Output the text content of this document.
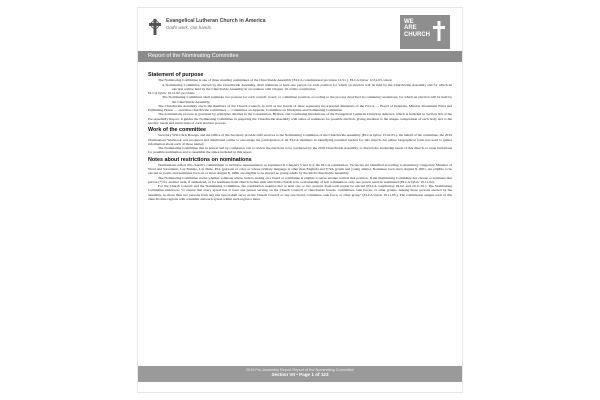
Evangelical Lutheran Church in America
God's work. Our hands.
WE
ARE
CHURCH
Report of the Nominating Committee
Statement of purpose

The Nominating Committee is one of three standing committees of the Churchwide Assembly (ELCA constitutional provision 12.51.). ELCA bylaw 12.51.03. states:

A Nominating Committee, elected by the Churchwide Assembly, shall nominate at least one person for each position for which an election will be held by the Churchwide Assembly and for which an election will be held by the Churchwide Assembly in accordance with Chapter 19 of this constitution.

ELCA bylaw 19.11.02. provides:

The Nominating Committee shall nominate two persons for each council, board, or committee position, according to the process described in continuing resolutions, for which an election will be held by the Churchwide Assembly.

The Churchwide Assembly elects the members of the Church Council, as well as the boards of three separately incorporated ministries of the ELCA — Board of Pensions, Mission Investment Fund and Publishing House — and three churchwide committees — Committee on Appeals, Committee on Discipline and Nominating Committee.

The nominations process is governed by principles detailed in the Constitution, Bylaws, and Continuing Resolutions of the Evangelical Lutheran Church in America, which is included in Section XII of the Pre-Assembly Report. It guides the Nominating Committee in preparing the Churchwide Assembly with slates of nominees for possible election, giving attention to the unique composition of each body and to the specific needs and restrictions of each election process.

Work of the committee

Secretary Wm Chris Boerger and the Office of the Secretary provide staff services to the Nominating Committee of the Churchwide Assembly (ELCA bylaw 13.41.05.). On behalf of the committee, the 2019 Nominations Worktook was produced and distributed online to encourage the participation of all ELCA members in identifying potential leaders for this church. An online biographical form was used to gather information about each of those named.

The Nominating Committee met in person and by conference call to review the elections to be conducted by the 2019 Churchwide Assembly, to discern the leadership needs of this church, to issue invitations for possible nomination and to assemble the slates included in this report.

Notes about restrictions on nominations

Nominations reflect this church's commitment to inclusive representation as explained in Chapters 5 and 6 of the ELCA constitution. Vacancies are identified according to mandatory categories: Minister of Word and Sacrament, Lay Female, Lay Male, PCL (persons of color or whose primary language is other than English) and Y/YA (youth and young adults). Nominees born since August 8, 2001, are eligible to be elected as youth, and nominees born on or since August 8, 1989, are eligible to be elected as young adults by the 2019 Churchwide Assembly.

The Nominating Committee tracks whether someone whose term is ending on a board or committee is eligible to serve another term in that position. If the Nominating Committee has chosen to nominate that person (*) for another term, if authorized, or for nominees from church bodies with which this church is in a relationship of full communion, only one person need be nominated (ELCA bylaw 19.11.02).

For the Church Council and the Nominating Committee, the constitution requires that at least one or two persons from each region be elected (ELCA constitution 19.02. and 19.11.01.). The Nominating Committee endeavors "to ensure that every synod has at least one person serving on the Church Council or churchwide boards, committees, task forces, or other groups. Among those persons elected by the assembly, no more than two persons from any one synod shall serve on the Church Council or any one board, committee, task force, or other group" (ELCA bylaw 19.11.05.). The commission assigns each of this church's nine regions with a number and each synod within each region a letter.

2019 Pre-Assembly Report Report of the Nominating Committee
Section VII • Page 1 of 123
